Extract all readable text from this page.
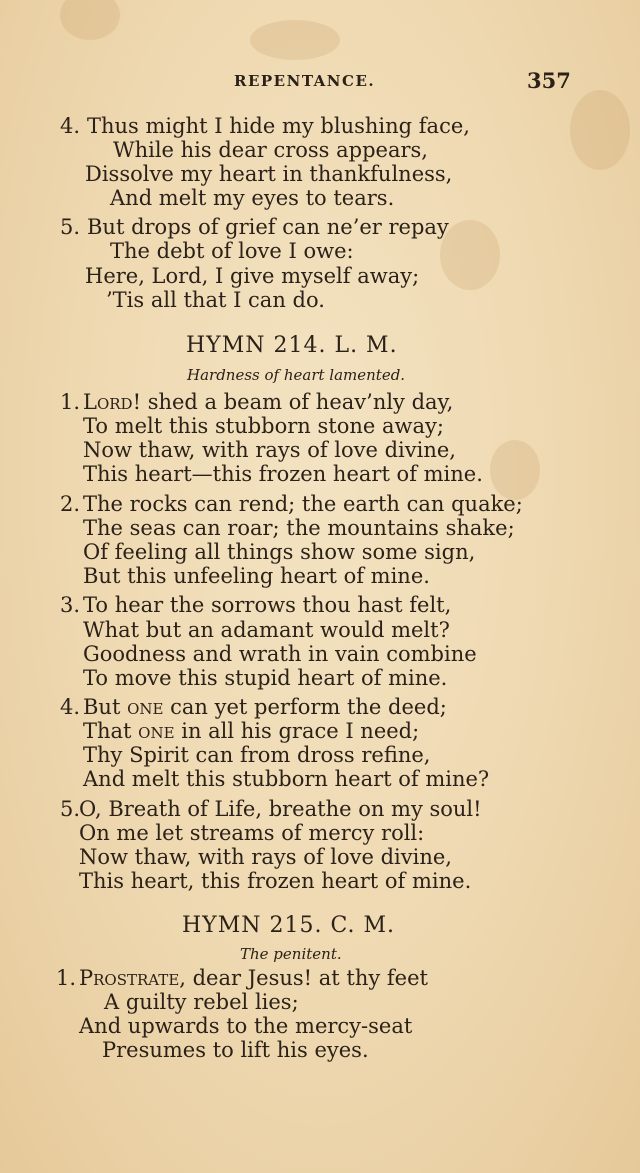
REPENTANCE.	357
4. Thus might I hide my blushing face,
While his dear cross appears,
Dissolve my heart in thankfulness,
And melt my eyes to tears.
5. But drops of grief can ne’er repay
The debt of love I owe:
Here, Lord, I give myself away;
’Tis all that I can do.
HYMN 214. L. M.
Hardness of heart lamented.
1. Lord! shed a beam of heav’nly day,
To melt this stubborn stone away;
Now thaw, with rays of love divine,
This heart—this frozen heart of mine.
2. The rocks can rend; the earth can quake;
The seas can roar; the mountains shake;
Of feeling all things show some sign,
But this unfeeling heart of mine.
3. To hear the sorrows thou hast felt,
What but an adamant would melt?
Goodness and wrath in vain combine
To move this stupid heart of mine.
4. But one can yet perform the deed;
That one in all his grace I need;
Thy Spirit can from dross refine,
And melt this stubborn heart of mine?
5. O, Breath of Life, breathe on my soul!
On me let streams of mercy roll:
Now thaw, with rays of love divine,
This heart, this frozen heart of mine.
HYMN 215. C. M.
The penitent.
1. Prostrate, dear Jesus! at thy feet
A guilty rebel lies;
And upwards to the mercy-seat
Presumes to lift his eyes.
